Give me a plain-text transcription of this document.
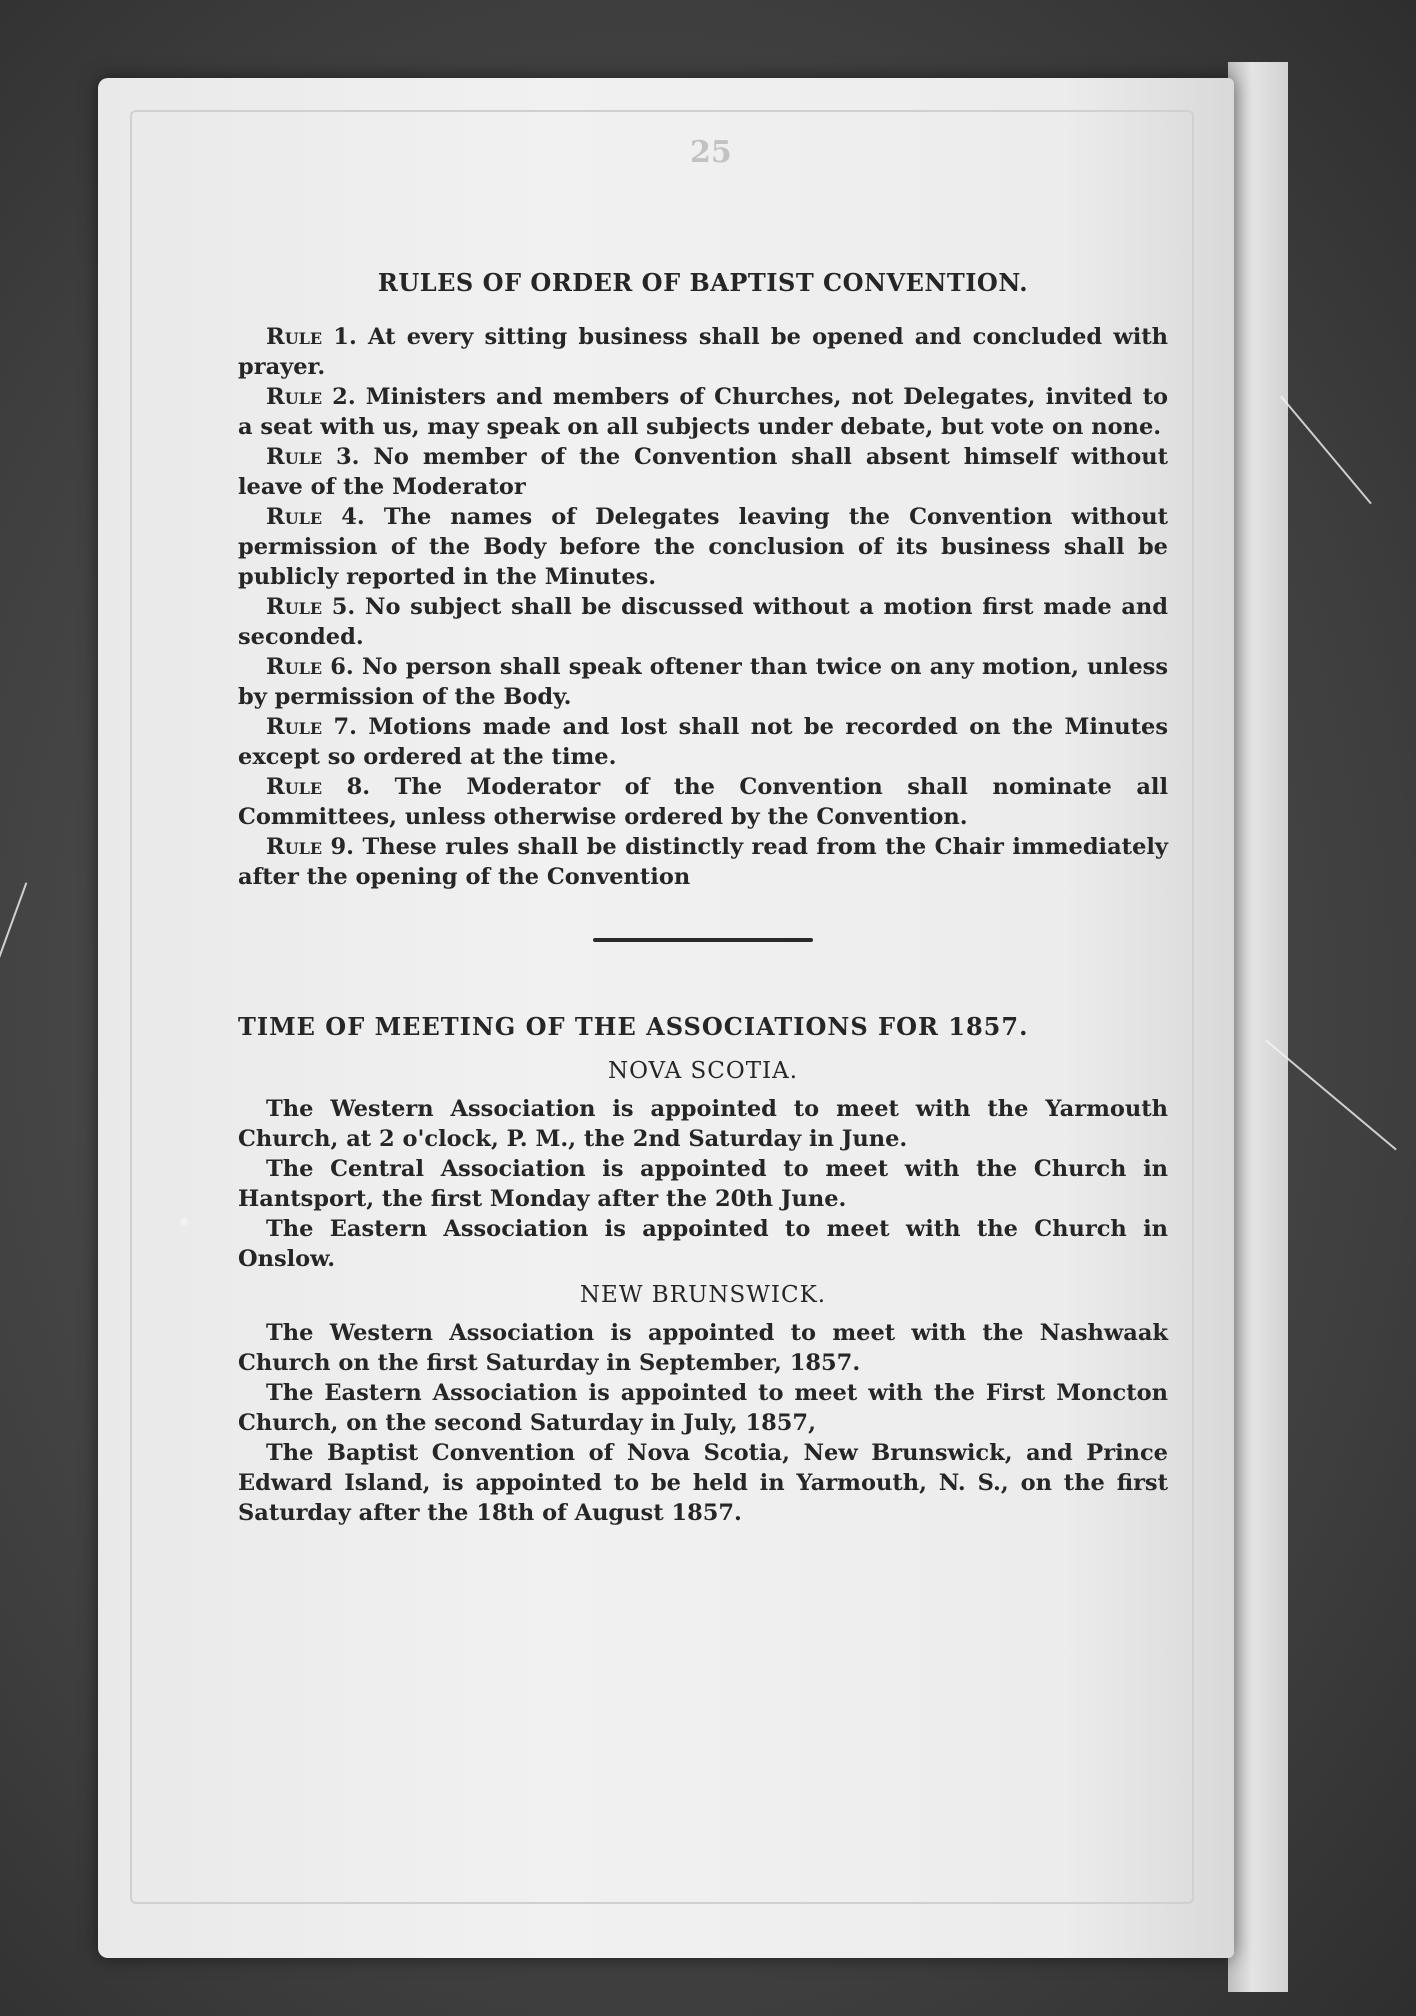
25
RULES OF ORDER OF BAPTIST CONVENTION.

Rule 1. At every sitting business shall be opened and concluded with prayer.

Rule 2. Ministers and members of Churches, not Delegates, invited to a seat with us, may speak on all subjects under debate, but vote on none.

Rule 3. No member of the Convention shall absent himself without leave of the Moderator

Rule 4. The names of Delegates leaving the Convention without permission of the Body before the conclusion of its business shall be publicly reported in the Minutes.

Rule 5. No subject shall be discussed without a motion first made and seconded.

Rule 6. No person shall speak oftener than twice on any motion, unless by permission of the Body.

Rule 7. Motions made and lost shall not be recorded on the Minutes except so ordered at the time.

Rule 8. The Moderator of the Convention shall nominate all Committees, unless otherwise ordered by the Convention.

Rule 9. These rules shall be distinctly read from the Chair immediately after the opening of the Convention

TIME OF MEETING OF THE ASSOCIATIONS FOR 1857.
NOVA SCOTIA.

The Western Association is appointed to meet with the Yarmouth Church, at 2 o'clock, P. M., the 2nd Saturday in June.

The Central Association is appointed to meet with the Church in Hantsport, the first Monday after the 20th June.

The Eastern Association is appointed to meet with the Church in Onslow.

NEW BRUNSWICK.

The Western Association is appointed to meet with the Nashwaak Church on the first Saturday in September, 1857.

The Eastern Association is appointed to meet with the First Moncton Church, on the second Saturday in July, 1857,

The Baptist Convention of Nova Scotia, New Brunswick, and Prince Edward Island, is appointed to be held in Yarmouth, N. S., on the first Saturday after the 18th of August 1857.
